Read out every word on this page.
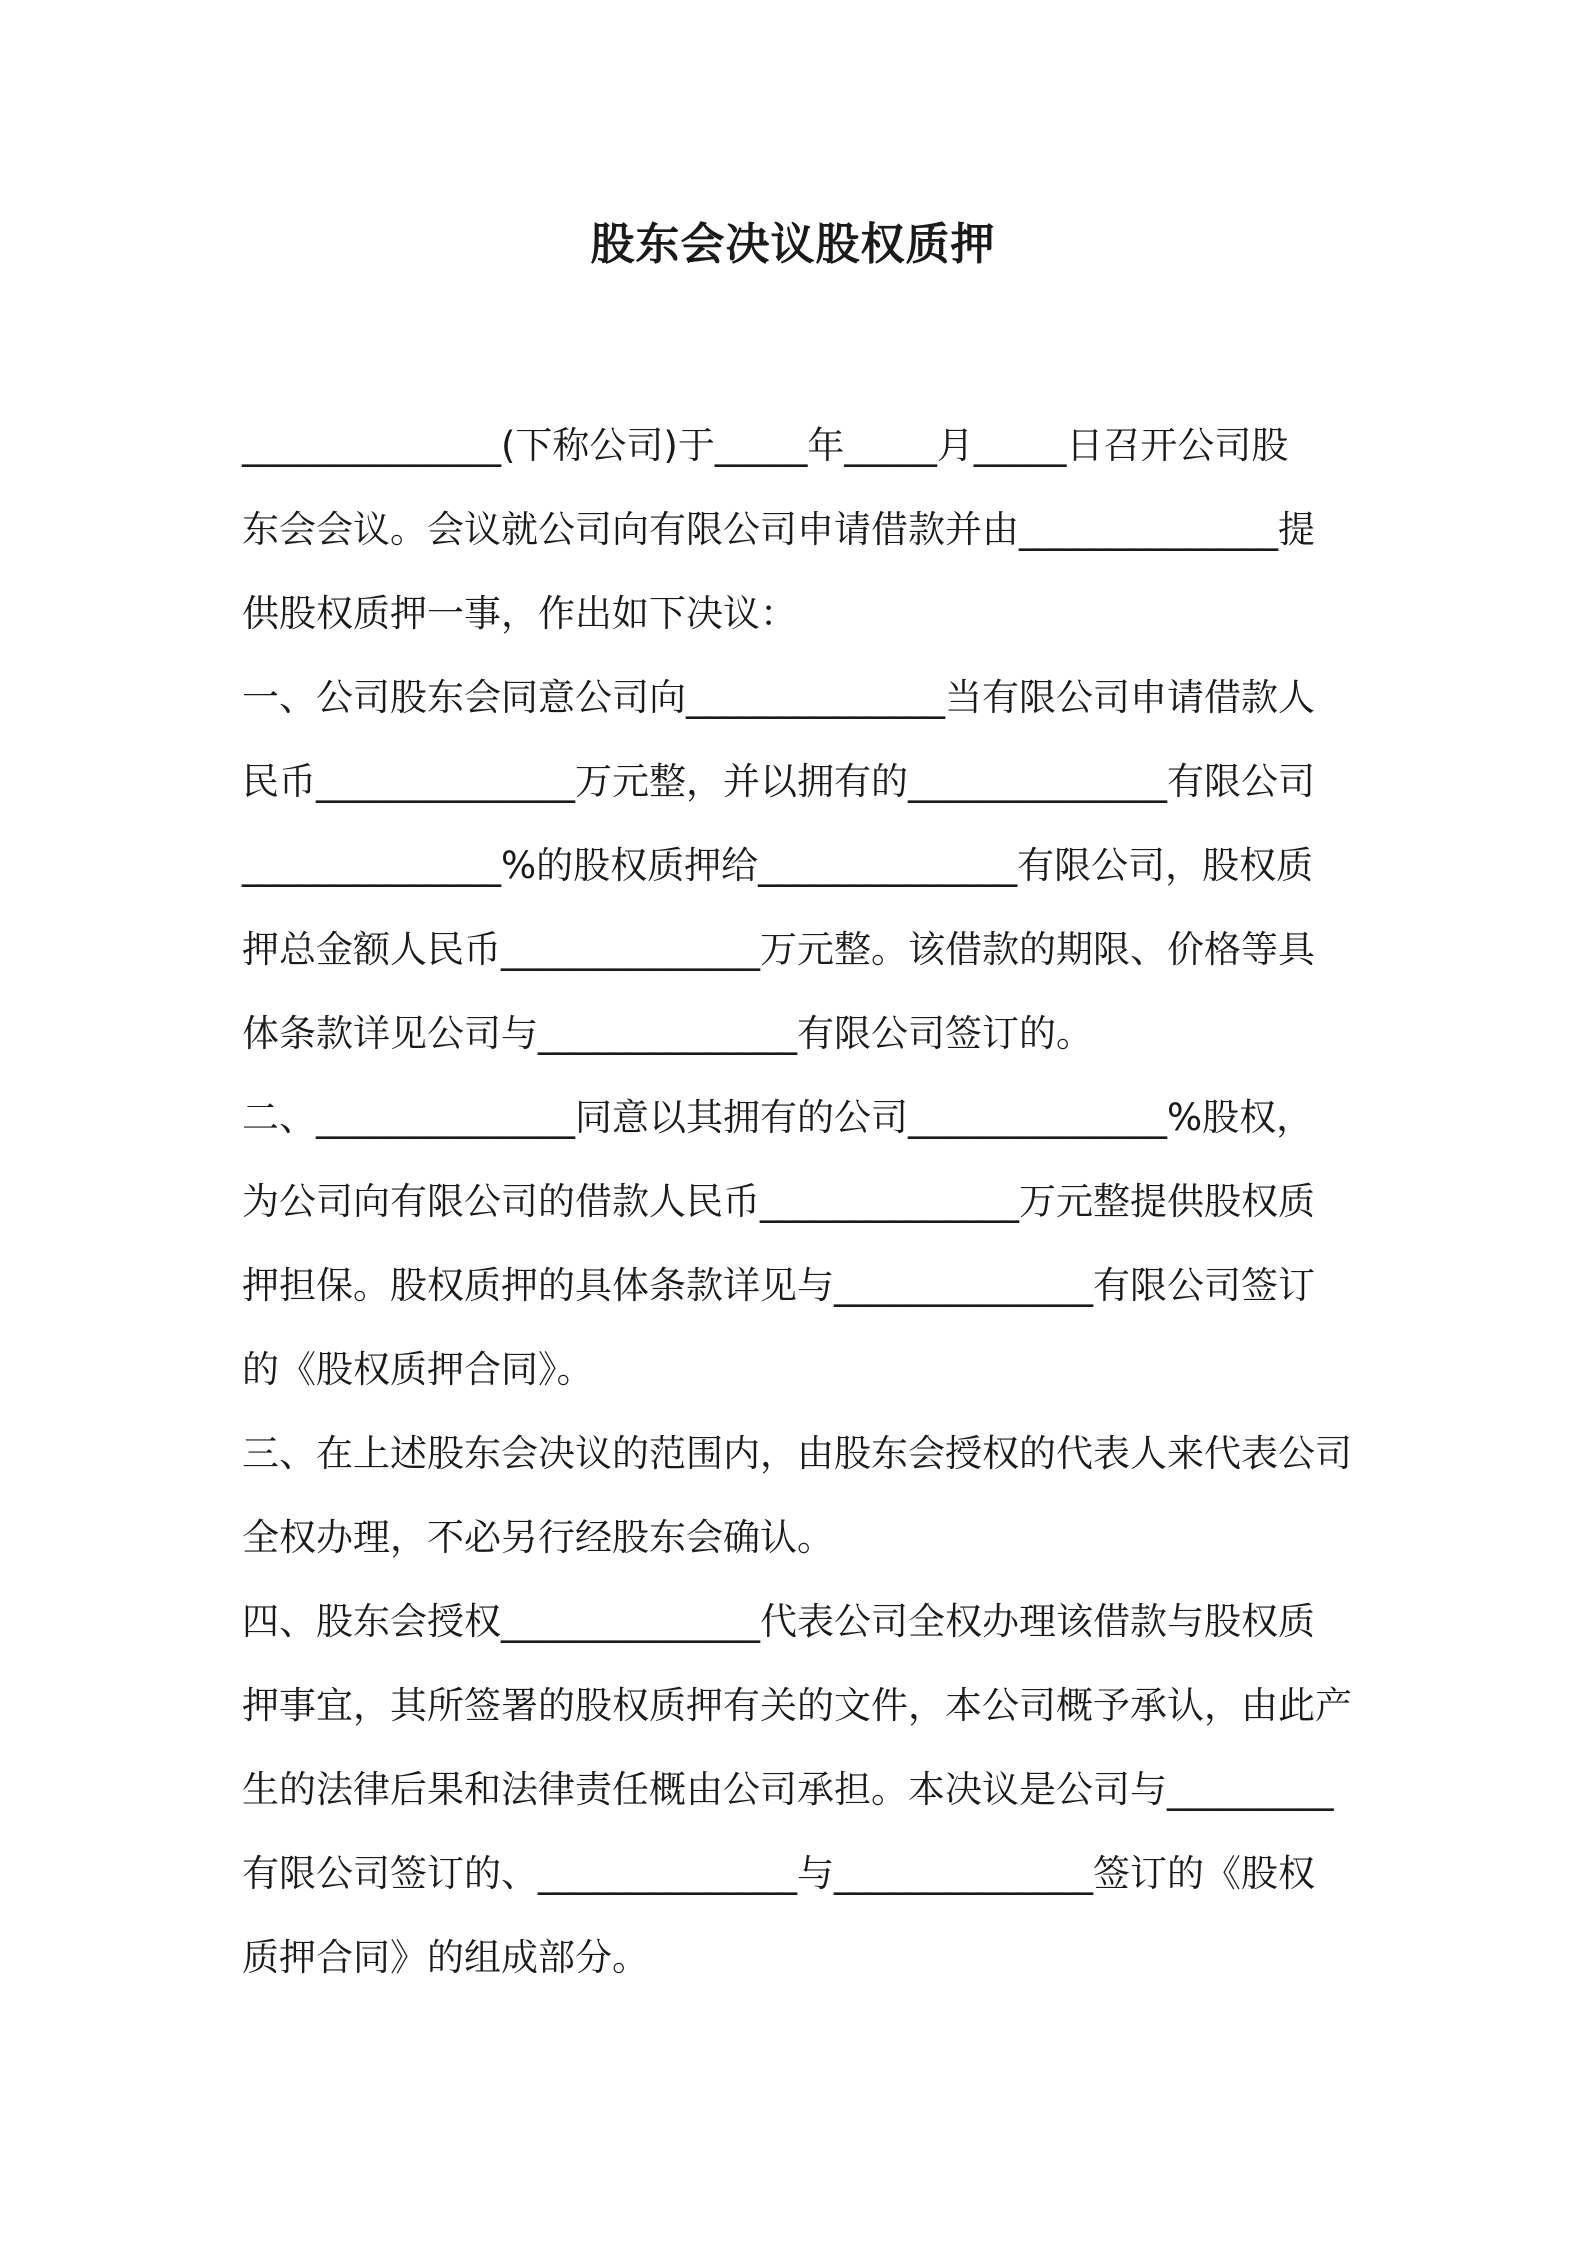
股东会决议股权质押
______________(下称公司)于_____年_____月_____日召开公司股
东会会议。会议就公司向有限公司申请借款并由______________提
供股权质押一事，作出如下决议：
一、公司股东会同意公司向______________当有限公司申请借款人
民币______________万元整，并以拥有的______________有限公司
______________%的股权质押给______________有限公司，股权质
押总金额人民币______________万元整。该借款的期限、价格等具
体条款详见公司与______________有限公司签订的。
二、______________同意以其拥有的公司______________%股权，
为公司向有限公司的借款人民币______________万元整提供股权质
押担保。股权质押的具体条款详见与______________有限公司签订
的《股权质押合同》。
三、在上述股东会决议的范围内，由股东会授权的代表人来代表公司
全权办理，不必另行经股东会确认。
四、股东会授权______________代表公司全权办理该借款与股权质
押事宜，其所签署的股权质押有关的文件，本公司概予承认，由此产
生的法律后果和法律责任概由公司承担。本决议是公司与_________
有限公司签订的、______________与______________签订的《股权
质押合同》的组成部分。
